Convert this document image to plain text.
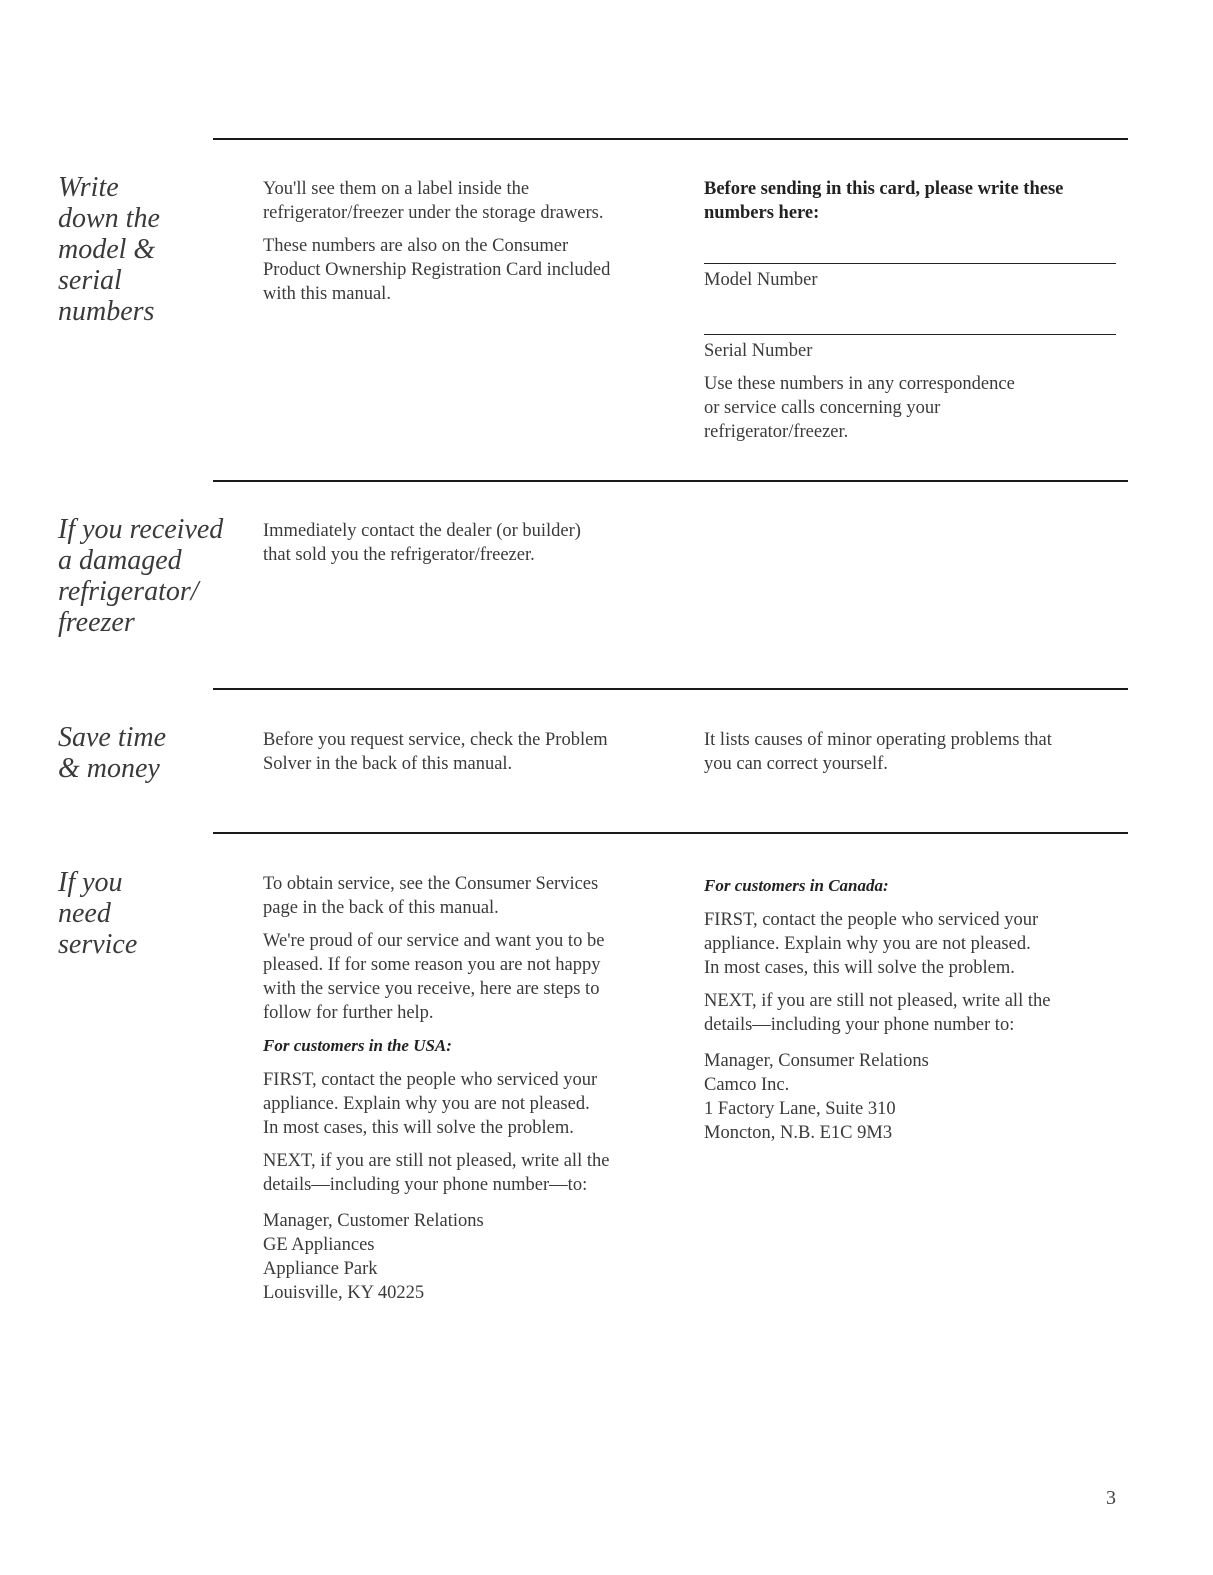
Write
down the
model &
serial
numbers

You'll see them on a label inside the
refrigerator/freezer under the storage drawers.

These numbers are also on the Consumer
Product Ownership Registration Card included
with this manual.

Before sending in this card, please write these
numbers here:

Model Number
Serial Number

Use these numbers in any correspondence
or service calls concerning your
refrigerator/freezer.

If you received
a damaged
refrigerator/
freezer

Immediately contact the dealer (or builder)
that sold you the refrigerator/freezer.

Save time
& money

Before you request service, check the Problem
Solver in the back of this manual.

It lists causes of minor operating problems that
you can correct yourself.

If you
need
service

To obtain service, see the Consumer Services
page in the back of this manual.

We're proud of our service and want you to be
pleased. If for some reason you are not happy
with the service you receive, here are steps to
follow for further help.

For customers in the USA:

FIRST, contact the people who serviced your
appliance. Explain why you are not pleased.
In most cases, this will solve the problem.

NEXT, if you are still not pleased, write all the
details—including your phone number—to:

Manager, Customer Relations
GE Appliances
Appliance Park
Louisville, KY 40225

For customers in Canada:

FIRST, contact the people who serviced your
appliance. Explain why you are not pleased.
In most cases, this will solve the problem.

NEXT, if you are still not pleased, write all the
details—including your phone number to:

Manager, Consumer Relations
Camco Inc.
1 Factory Lane, Suite 310
Moncton, N.B. E1C 9M3

3
